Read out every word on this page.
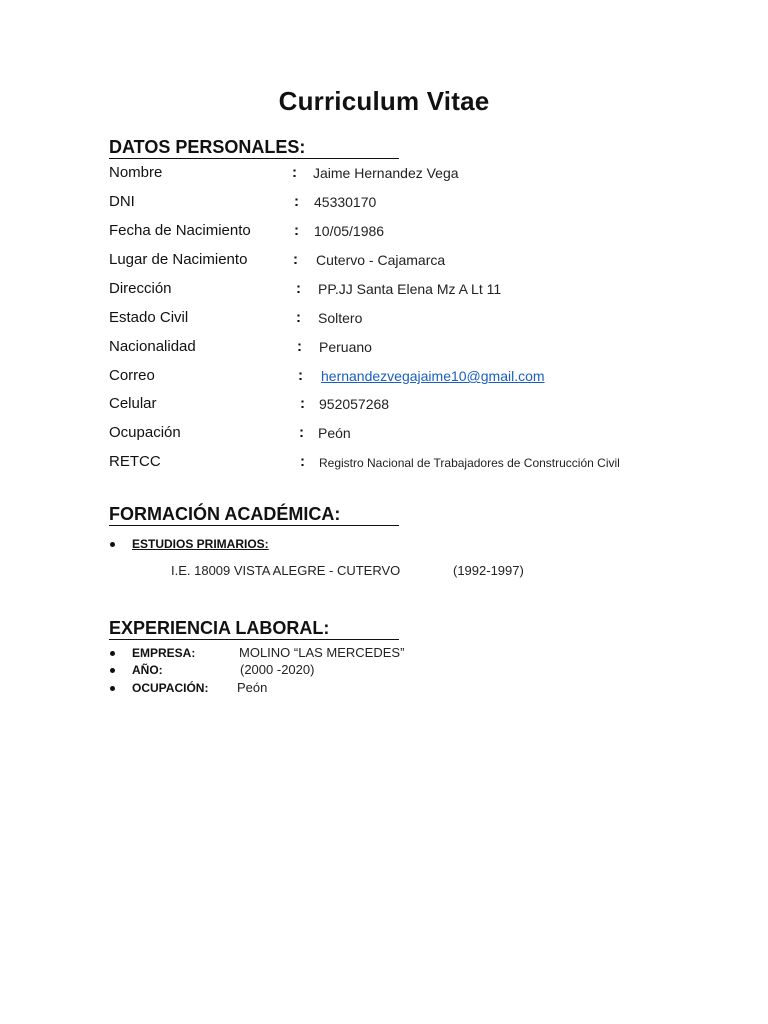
Curriculum Vitae
DATOS PERSONALES:
Nombre	: Jaime Hernandez Vega
DNI	: 45330170
Fecha de Nacimiento	: 10/05/1986
Lugar de Nacimiento	: Cutervo - Cajamarca
Dirección	: PP.JJ Santa Elena Mz A Lt 11
Estado Civil	: Soltero
Nacionalidad	: Peruano
Correo	: hernandezvegajaime10@gmail.com
Celular	: 952057268
Ocupación	: Peón
RETCC	: Registro Nacional de Trabajadores de Construcción Civil
FORMACIÓN ACADÉMICA:
ESTUDIOS PRIMARIOS:
I.E. 18009 VISTA ALEGRE - CUTERVO	(1992-1997)
EXPERIENCIA LABORAL:
EMPRESA:	MOLINO “LAS MERCEDES”
AÑO:	(2000 -2020)
OCUPACIÓN: Peón
